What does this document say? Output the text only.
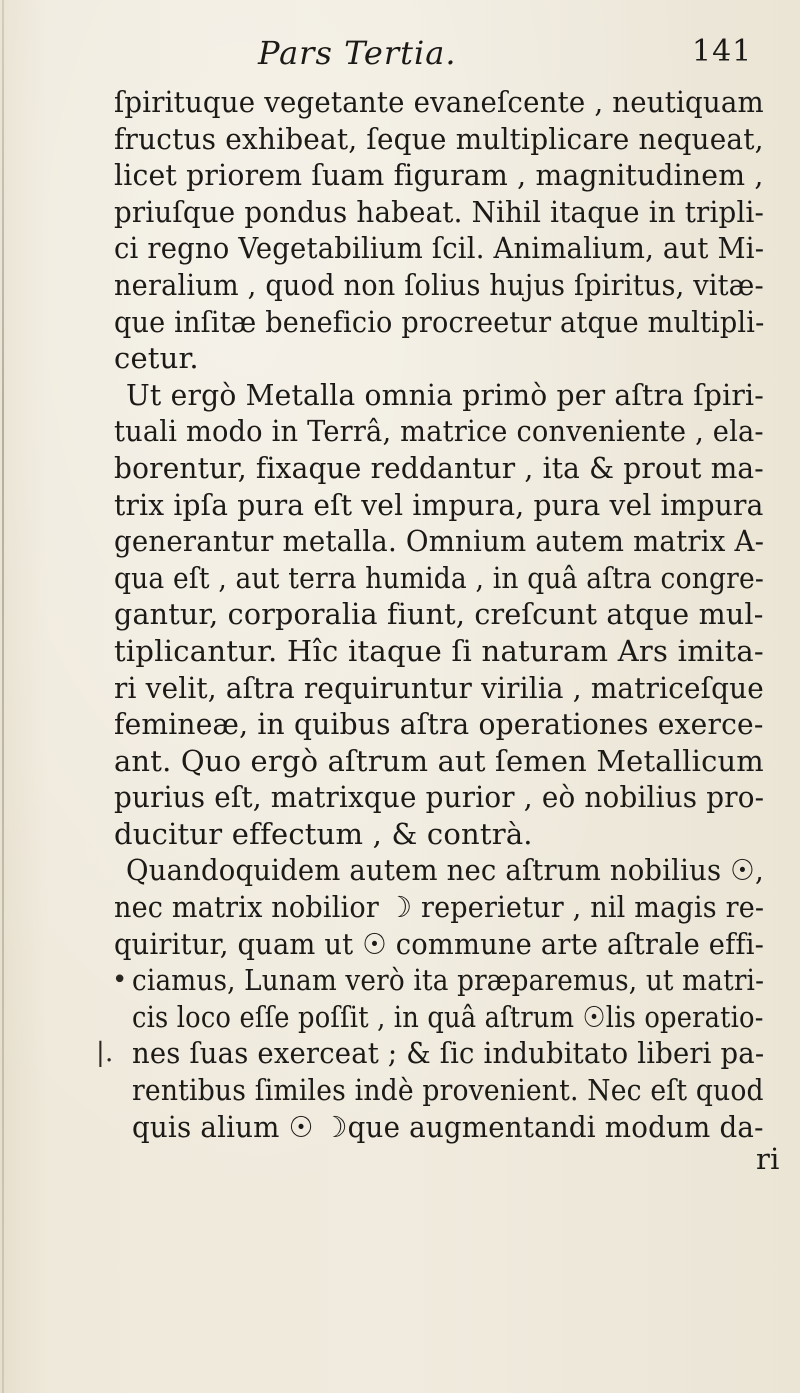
Pars Tertia.	141
ſpirituque vegetante evaneſcente , neutiquam
fructus exhibeat, ſeque multiplicare nequeat,
licet priorem ſuam figuram , magnitudinem ,
priuſque pondus habeat. Nihil itaque in tripli-
ci regno Vegetabilium ſcil. Animalium, aut Mi-
neralium , quod non ſolius hujus ſpiritus, vitæ-
que inſitæ beneficio procreetur atque multipli-
cetur.
Ut ergò Metalla omnia primò per aſtra ſpiri-
tuali modo in Terrâ, matrice conveniente , ela-
borentur, fixaque reddantur , ita & prout ma-
trix ipſa pura eſt vel impura, pura vel impura
generantur metalla. Omnium autem matrix A-
qua eſt , aut terra humida , in quâ aſtra congre-
gantur, corporalia fiunt, creſcunt atque mul-
tiplicantur. Hîc itaque ſi naturam Ars imita-
ri velit, aſtra requiruntur virilia , matriceſque
femineæ, in quibus aſtra operationes exerce-
ant. Quo ergò aſtrum aut ſemen Metallicum
purius eſt, matrixque purior , eò nobilius pro-
ducitur effectum , & contrà.
Quandoquidem autem nec aſtrum nobilius ☉,
nec matrix nobilior ☽ reperietur , nil magis re-
quiritur, quam ut ☉ commune arte aſtrale effi-
• ciamus, Lunam verò ita præparemus, ut matri-
cis loco eſſe poſſit , in quâ aſtrum ☉lis operatio-
|. nes ſuas exerceat ; & ſic indubitato liberi pa-
rentibus ſimiles indè provenient. Nec eſt quod
quis alium ☉ ☽que augmentandi modum da-
ri
